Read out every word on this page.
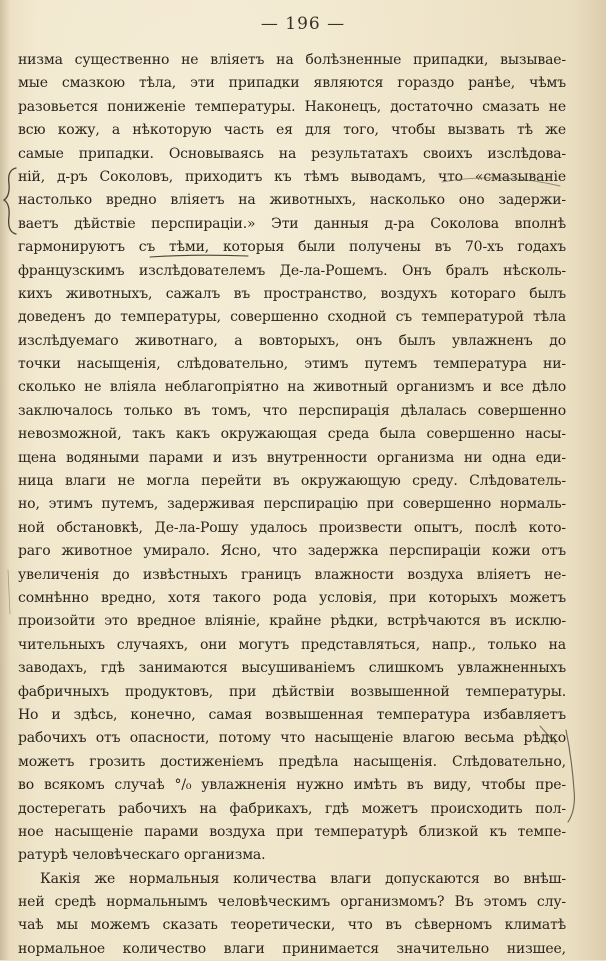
— 196 —
низма существенно не вліяетъ на болѣзненные припадки, вызывае-
мые смазкою тѣла, эти припадки являются гораздо ранѣе, чѣмъ
разовьется пониженіе температуры. Наконецъ, достаточно смазать не
всю кожу, а нѣкоторую часть ея для того, чтобы вызвать тѣ же
самые припадки. Основываясь на результатахъ своихъ изслѣдова-
ній, д-ръ Соколовъ, приходитъ къ тѣмъ выводамъ, что «смазываніе
настолько вредно вліяетъ на животныхъ, насколько оно задержи-
ваетъ дѣйствіе перспираціи.» Эти данныя д-ра Соколова вполнѣ
гармонируютъ съ тѣми, которыя были получены въ 70-хъ годахъ
французскимъ изслѣдователемъ Де-ла-Рошемъ. Онъ бралъ нѣсколь-
кихъ животныхъ, сажалъ въ пространство, воздухъ котораго былъ
доведенъ до температуры, совершенно сходной съ температурой тѣла
изслѣдуемаго животнаго, а вовторыхъ, онъ былъ увлажненъ до
точки насыщенія, слѣдовательно, этимъ путемъ температура ни-
сколько не вліяла неблагопріятно на животный организмъ и все дѣло
заключалось только въ томъ, что перспирація дѣлалась совершенно
невозможной, такъ какъ окружающая среда была совершенно насы-
щена водяными парами и изъ внутренности организма ни одна еди-
ница влаги не могла перейти въ окружающую среду. Слѣдователь-
но, этимъ путемъ, задерживая перспирацію при совершенно нормаль-
ной обстановкѣ, Де-ла-Рошу удалось произвести опытъ, послѣ кото-
раго животное умирало. Ясно, что задержка перспираціи кожи отъ
увеличенія до извѣстныхъ границъ влажности воздуха вліяетъ не-
сомнѣнно вредно, хотя такого рода условія, при которыхъ можетъ
произойти это вредное вліяніе, крайне рѣдки, встрѣчаются въ исклю-
чительныхъ случаяхъ, они могутъ представляться, напр., только на
заводахъ, гдѣ занимаются высушиваніемъ слишкомъ увлажненныхъ
фабричныхъ продуктовъ, при дѣйствіи возвышенной температуры.
Но и здѣсь, конечно, самая возвышенная температура избавляетъ
рабочихъ отъ опасности, потому что насыщеніе влагою весьма рѣдко
можетъ грозить достиженіемъ предѣла насыщенія. Слѣдовательно,
во всякомъ случаѣ °/₀ увлажненія нужно имѣть въ виду, чтобы пре-
достерегать рабочихъ на фабрикахъ, гдѣ можетъ происходить пол-
ное насыщеніе парами воздуха при температурѣ близкой къ темпе-
ратурѣ человѣческаго организма.
Какія же нормальныя количества влаги допускаются во внѣш-
ней средѣ нормальнымъ человѣческимъ организмомъ? Въ этомъ слу-
чаѣ мы можемъ сказать теоретически, что въ сѣверномъ климатѣ
нормальное количество влаги принимается значительно низшее,
